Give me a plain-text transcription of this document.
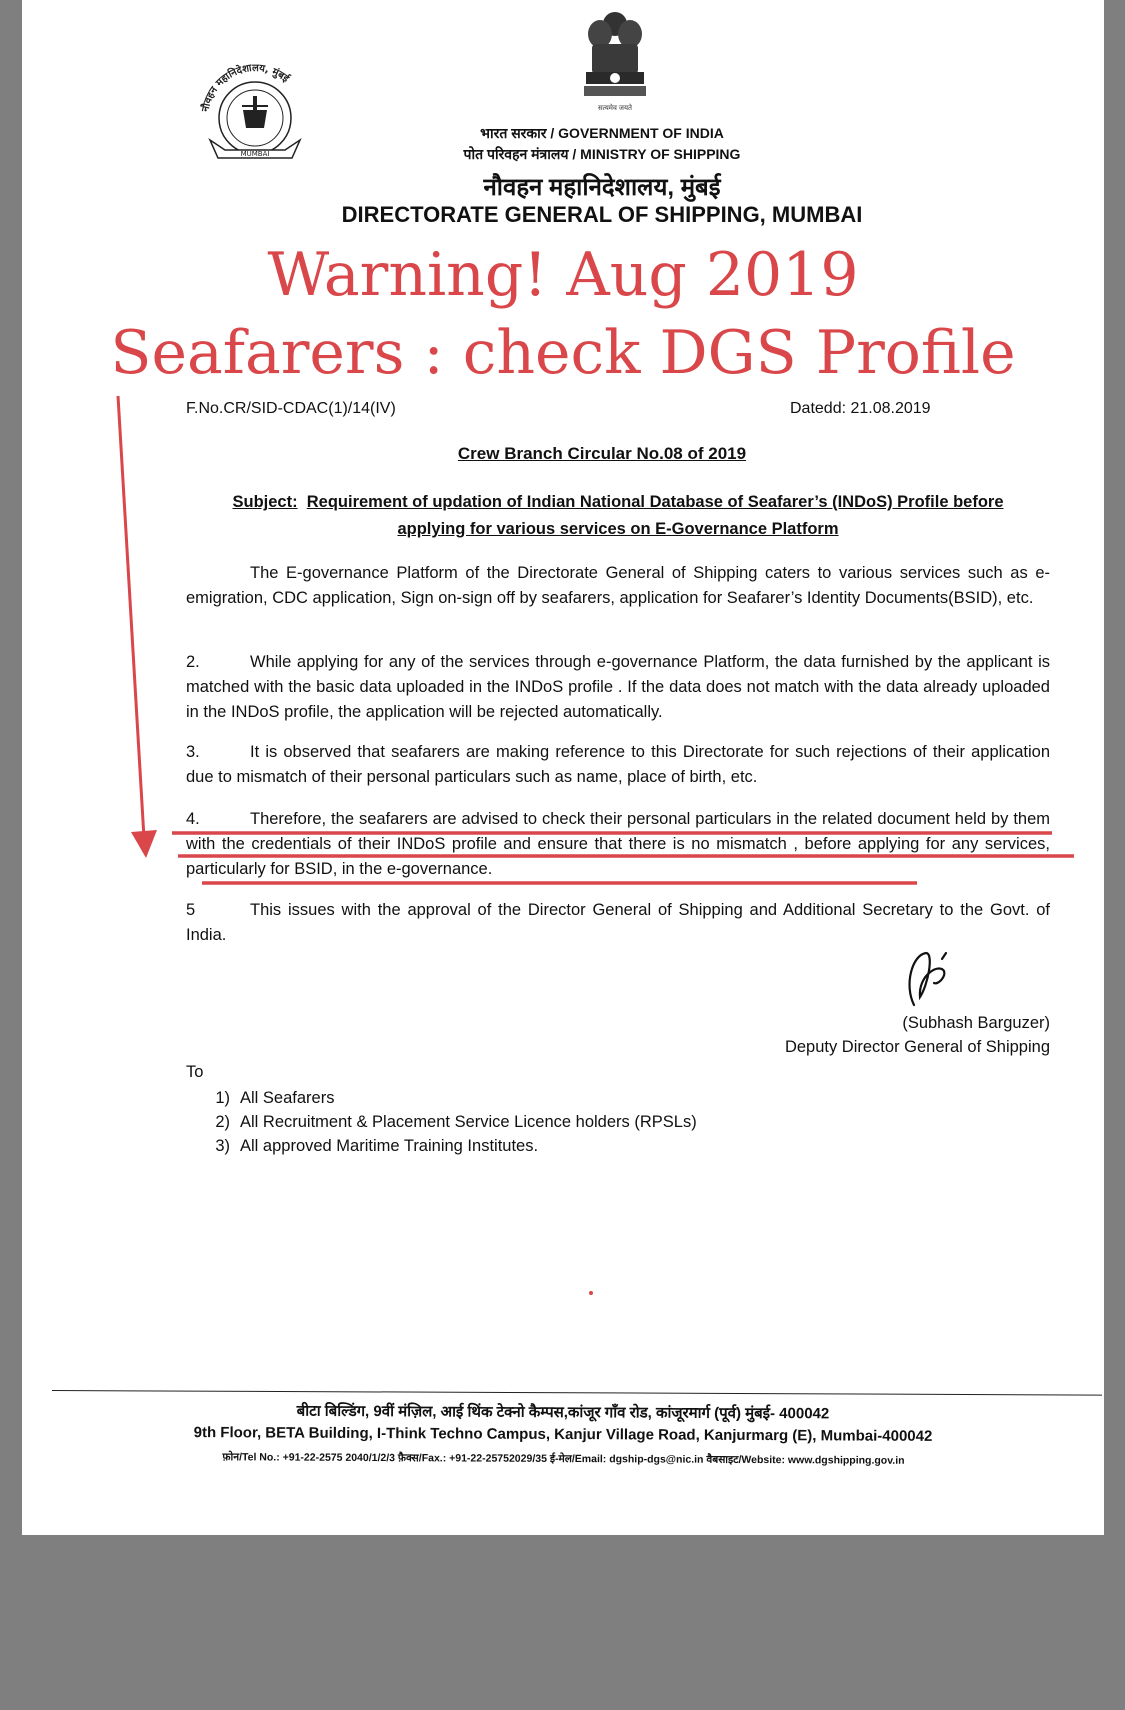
नौवहन महानिदेशालय, मुंबई
MUMBAI
सत्यमेव जयते
भारत सरकार / GOVERNMENT OF INDIA
पोत परिवहन मंत्रालय / MINISTRY OF SHIPPING
नौवहन महानिदेशालय, मुंबई
DIRECTORATE GENERAL OF SHIPPING, MUMBAI
Warning! Aug 2019
Seafarers : check DGS Profile
F.No.CR/SID-CDAC(1)/14(IV)	Datedd: 21.08.2019
Crew Branch Circular No.08 of 2019
Subject: Requirement of updation of Indian National Database of Seafarer’s (INDoS) Profile before
applying for various services on E-Governance Platform
The E-governance Platform of the Directorate General of Shipping caters to various services such as e-emigration, CDC application, Sign on-sign off by seafarers, application for Seafarer’s Identity Documents(BSID), etc.
2.	While applying for any of the services through e-governance Platform, the data furnished by the applicant is matched with the basic data uploaded in the INDoS profile . If the data does not match with the data already uploaded in the INDoS profile, the application will be rejected automatically.
3.	It is observed that seafarers are making reference to this Directorate for such rejections of their application due to mismatch of their personal particulars such as name, place of birth, etc.
4.	Therefore, the seafarers are advised to check their personal particulars in the related document held by them with the credentials of their INDoS profile and ensure that there is no mismatch , before applying for any services, particularly for BSID, in the e-governance.
5	This issues with the approval of the Director General of Shipping and Additional Secretary to the Govt. of India.
(Subhash Barguzer)
Deputy Director General of Shipping
To
1) All Seafarers
2) All Recruitment & Placement Service Licence holders (RPSLs)
3) All approved Maritime Training Institutes.
बीटा बिल्डिंग, 9वीं मंज़िल, आई थिंक टेक्नो कैम्पस,कांजूर गाँव रोड, कांजूरमार्ग (पूर्व) मुंबई- 400042
9th Floor, BETA Building, I-Think Techno Campus, Kanjur Village Road, Kanjurmarg (E), Mumbai-400042
फ़ोन/Tel No.: +91-22-2575 2040/1/2/3 फ़ैक्स/Fax.: +91-22-25752029/35 ई-मेल/Email: dgship-dgs@nic.in वैबसाइट/Website: www.dgshipping.gov.in
